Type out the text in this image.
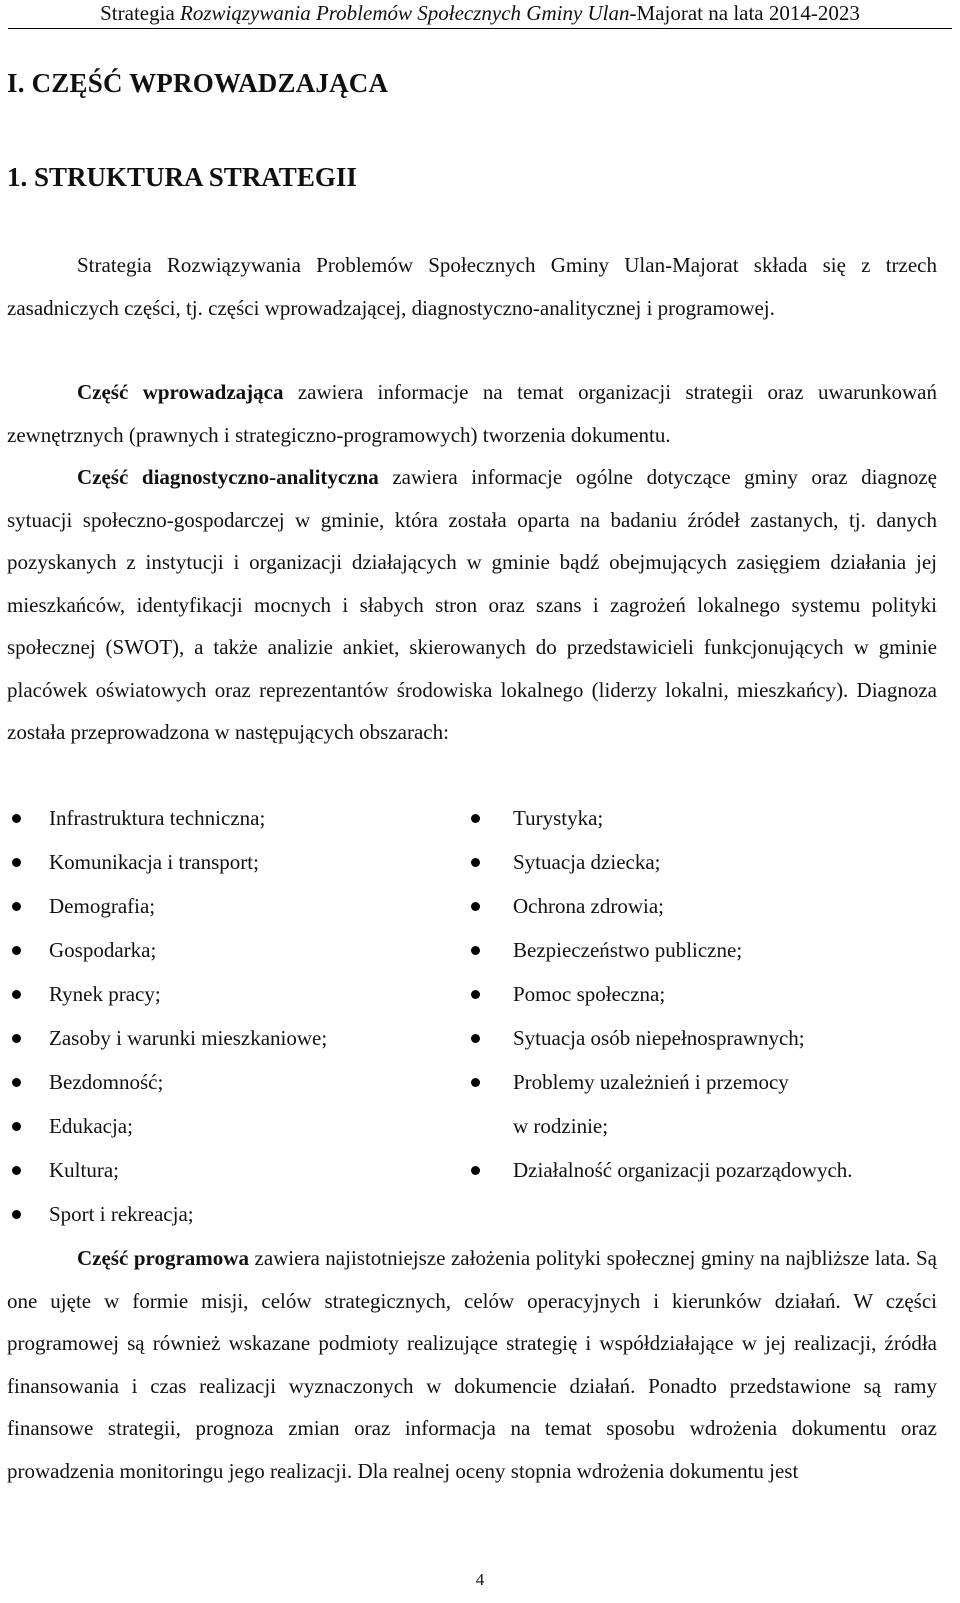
Strategia Rozwiązywania Problemów Społecznych Gminy Ulan-Majorat na lata 2014-2023
I. CZĘŚĆ WPROWADZAJĄCA
1. STRUKTURA STRATEGII
Strategia Rozwiązywania Problemów Społecznych Gminy Ulan-Majorat składa się z trzech zasadniczych części, tj. części wprowadzającej, diagnostyczno-analitycznej i programowej.
Część wprowadzająca zawiera informacje na temat organizacji strategii oraz uwarunkowań zewnętrznych (prawnych i strategiczno-programowych) tworzenia dokumentu.
Część diagnostyczno-analityczna zawiera informacje ogólne dotyczące gminy oraz diagnozę sytuacji społeczno-gospodarczej w gminie, która została oparta na badaniu źródeł zastanych, tj. danych pozyskanych z instytucji i organizacji działających w gminie bądź obejmujących zasięgiem działania jej mieszkańców, identyfikacji mocnych i słabych stron oraz szans i zagrożeń lokalnego systemu polityki społecznej (SWOT), a także analizie ankiet, skierowanych do przedstawicieli funkcjonujących w gminie placówek oświatowych oraz reprezentantów środowiska lokalnego (liderzy lokalni, mieszkańcy). Diagnoza została przeprowadzona w następujących obszarach:
Infrastruktura techniczna;
Komunikacja i transport;
Demografia;
Gospodarka;
Rynek pracy;
Zasoby i warunki mieszkaniowe;
Bezdomność;
Edukacja;
Kultura;
Sport i rekreacja;
Turystyka;
Sytuacja dziecka;
Ochrona zdrowia;
Bezpieczeństwo publiczne;
Pomoc społeczna;
Sytuacja osób niepełnosprawnych;
Problemy uzależnień i przemocy
w rodzinie;
Działalność organizacji pozarządowych.
Część programowa zawiera najistotniejsze założenia polityki społecznej gminy na najbliższe lata. Są one ujęte w formie misji, celów strategicznych, celów operacyjnych i kierunków działań. W części programowej są również wskazane podmioty realizujące strategię i współdziałające w jej realizacji, źródła finansowania i czas realizacji wyznaczonych w dokumencie działań. Ponadto przedstawione są ramy finansowe strategii, prognoza zmian oraz informacja na temat sposobu wdrożenia dokumentu oraz prowadzenia monitoringu jego realizacji. Dla realnej oceny stopnia wdrożenia dokumentu jest
4
